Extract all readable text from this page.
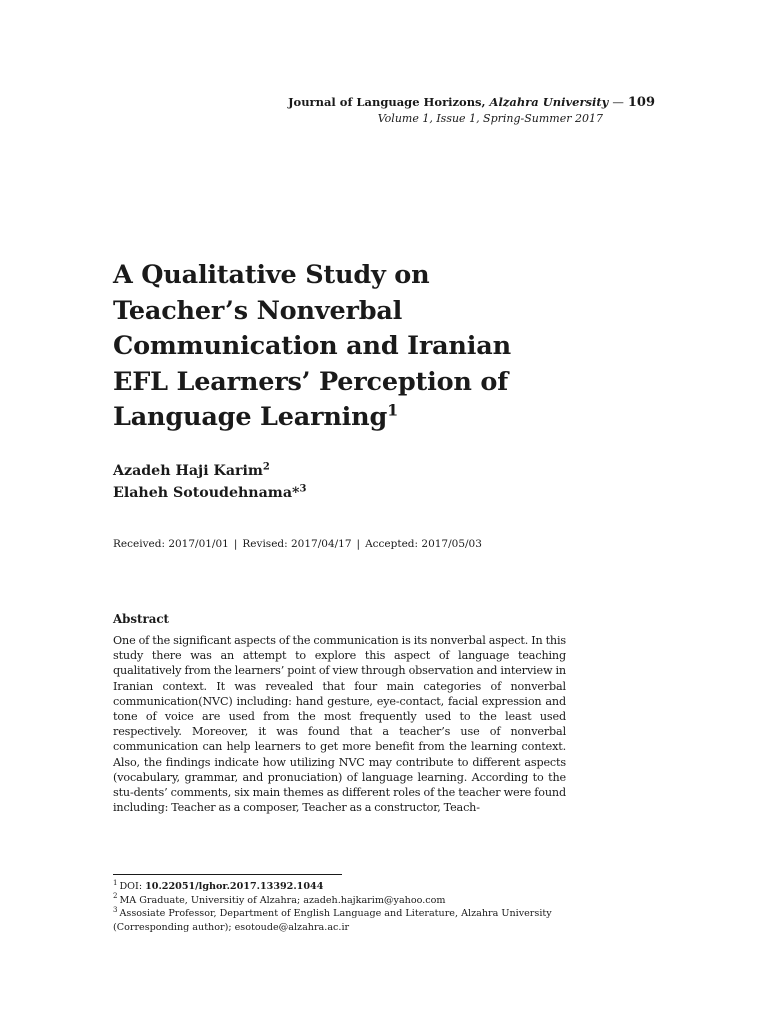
Journal of Language Horizons, Alzahra University — 109
Volume 1, Issue 1, Spring-Summer 2017
A Qualitative Study on
Teacher’s Nonverbal
Communication and Iranian
EFL Learners’ Perception of
Language Learning$^1$
Azadeh Haji Karim$^2$
Elaheh Sotoudehnama*$^3$
Received: 2017/01/01 | Revised: 2017/04/17 | Accepted: 2017/05/03
Abstract

One of the significant aspects of the communication is its nonverbal aspect. In this study there was an attempt to explore this aspect of language teaching qualitatively from the learners’ point of view through observation and interview in Iranian context. It was revealed that four main categories of nonverbal communication(NVC) including: hand gesture, eye-contact, facial expression and tone of voice are used from the most frequently used to the least used respectively. Moreover, it was found that a teacher’s use of nonverbal communication can help learners to get more benefit from the learning context. Also, the findings indicate how utilizing NVC may contribute to different aspects (vocabulary, grammar, and pronuciation) of language learning. According to the stu-dents’ comments, six main themes as different roles of the teacher were found including: Teacher as a composer, Teacher as a constructor, Teach-

$^1$ DOI: 10.22051/lghor.2017.13392.1044

$^2$ MA Graduate, Universitiy of Alzahra; azadeh.hajkarim@yahoo.com

$^3$ Assosiate Professor, Department of English Language and Literature, Alzahra University
(Corresponding author); esotoude@alzahra.ac.ir
